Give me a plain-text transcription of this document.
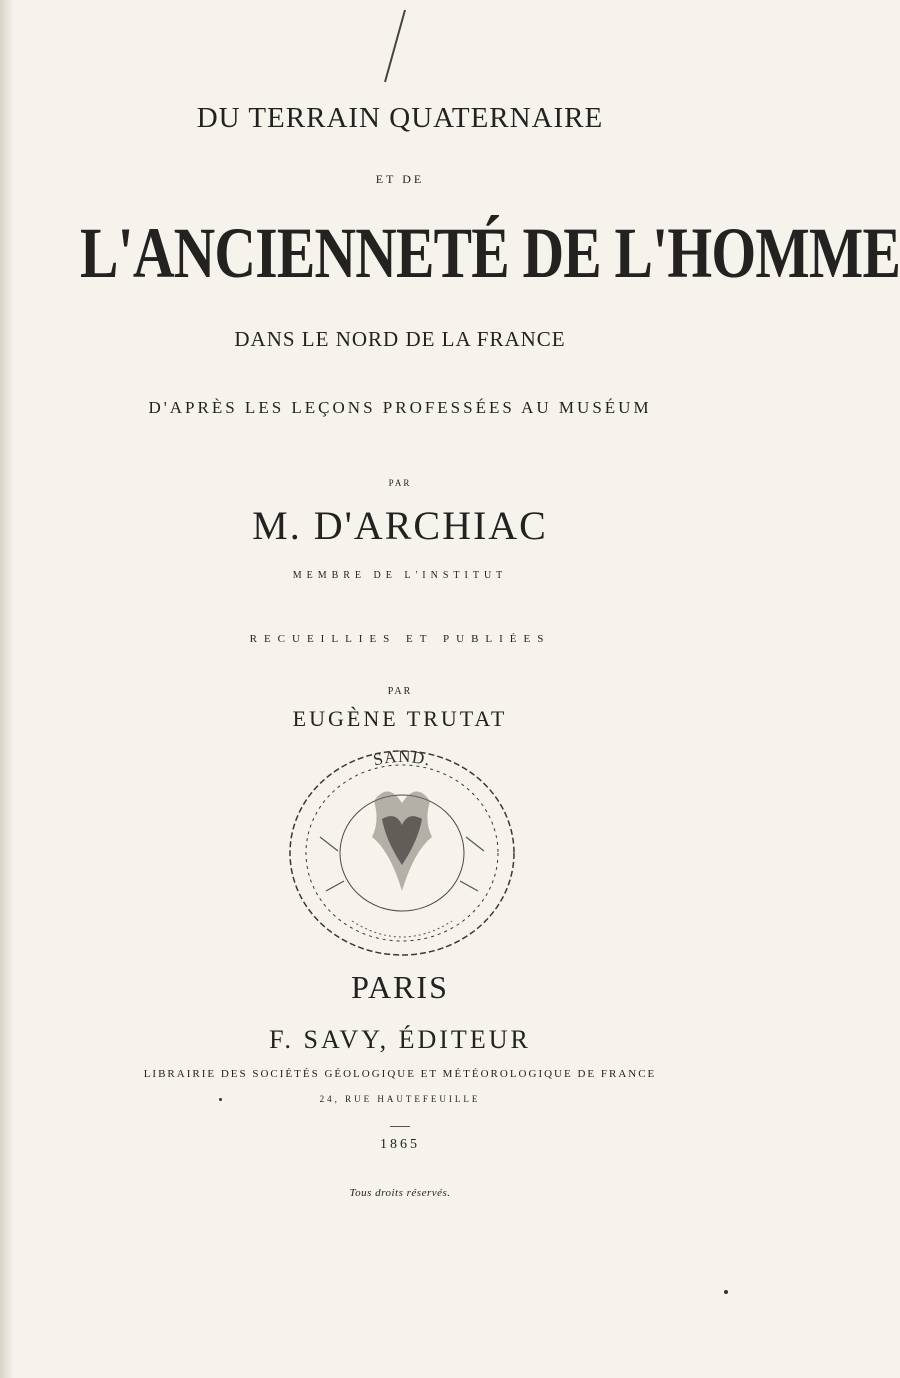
DU TERRAIN QUATERNAIRE
ET DE
L'ANCIENNETÉ DE L'HOMME
DANS LE NORD DE LA FRANCE
D'APRÈS LES LEÇONS PROFESSÉES AU MUSÉUM
PAR
M. D'ARCHIAC
MEMBRE DE L'INSTITUT
RECUEILLIES ET PUBLIÉES
PAR
EUGÈNE TRUTAT
SAND.
PARIS
F. SAVY, ÉDITEUR
LIBRAIRIE DES SOCIÉTÉS GÉOLOGIQUE ET MÉTÉOROLOGIQUE DE FRANCE
24, RUE HAUTEFEUILLE
1865
Tous droits réservés.
